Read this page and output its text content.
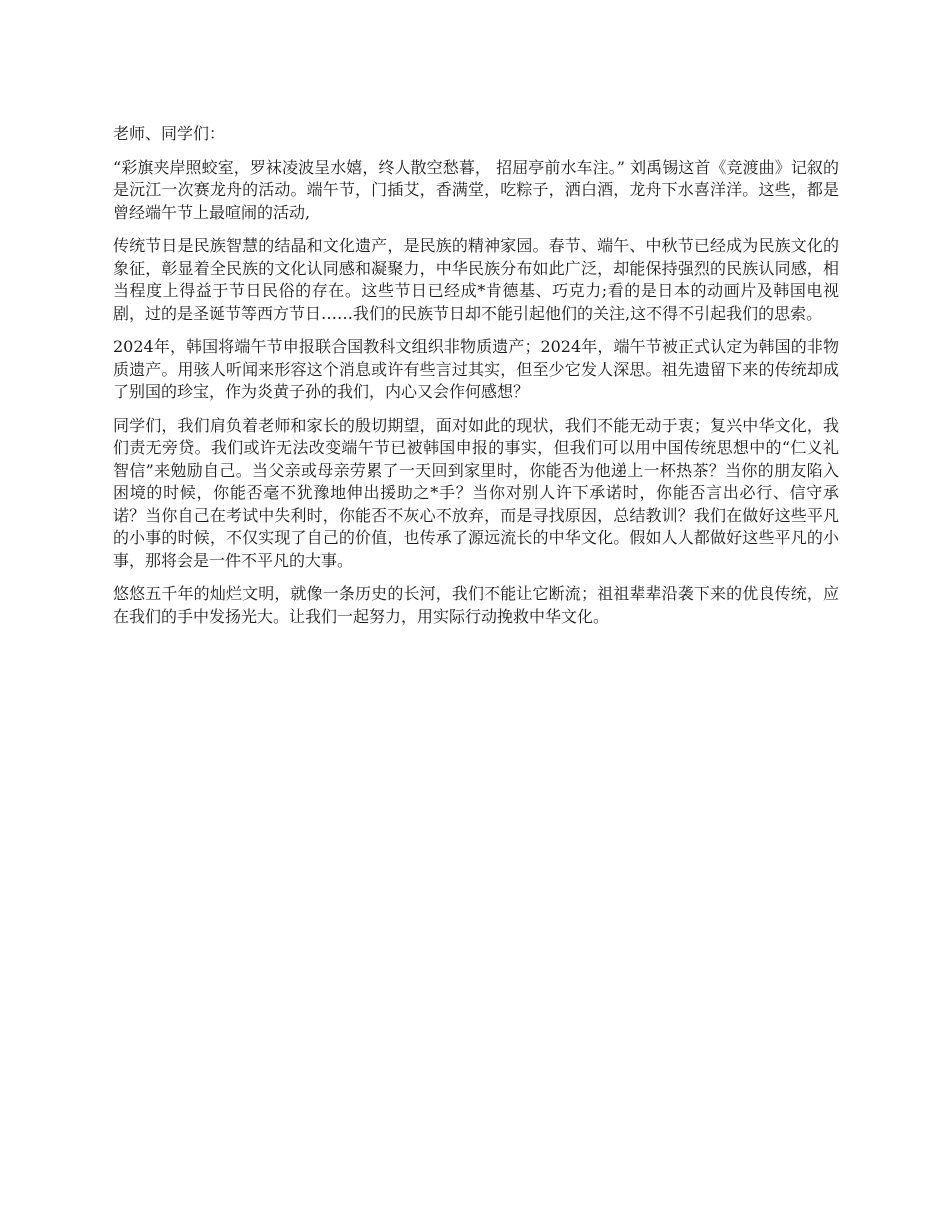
老师、同学们：

“彩旗夹岸照蛟室，罗袜凌波呈水嬉，终人散空愁暮， 招屈亭前水车注。” 刘禹锡这首《竞渡曲》记叙的是沅江一次赛龙舟的活动。端午节，门插艾，香满堂，吃粽子，洒白酒，龙舟下水喜洋洋。这些，都是曾经端午节上最喧闹的活动,

传统节日是民族智慧的结晶和文化遗产，是民族的精神家园。春节、端午、中秋节已经成为民族文化的象征，彰显着全民族的文化认同感和凝聚力，中华民族分布如此广泛，却能保持强烈的民族认同感，相当程度上得益于节日民俗的存在。这些节日已经成*肯德基、巧克力;看的是日本的动画片及韩国电视剧，过的是圣诞节等西方节日……我们的民族节日却不能引起他们的关注,这不得不引起我们的思索。

2024年，韩国将端午节申报联合国教科文组织非物质遗产；2024年，端午节被正式认定为韩国的非物质遗产。用骇人听闻来形容这个消息或许有些言过其实，但至少它发人深思。祖先遗留下来的传统却成了别国的珍宝，作为炎黄子孙的我们，内心又会作何感想？

同学们，我们肩负着老师和家长的殷切期望，面对如此的现状，我们不能无动于衷；复兴中华文化，我们责无旁贷。我们或许无法改变端午节已被韩国申报的事实，但我们可以用中国传统思想中的“仁义礼智信”来勉励自己。当父亲或母亲劳累了一天回到家里时，你能否为他递上一杯热茶？当你的朋友陷入困境的时候，你能否毫不犹豫地伸出援助之*手？当你对别人许下承诺时，你能否言出必行、信守承诺？当你自己在考试中失利时，你能否不灰心不放弃，而是寻找原因，总结教训？我们在做好这些平凡的小事的时候，不仅实现了自己的价值，也传承了源远流长的中华文化。假如人人都做好这些平凡的小事，那将会是一件不平凡的大事。

悠悠五千年的灿烂文明，就像一条历史的长河，我们不能让它断流；祖祖辈辈沿袭下来的优良传统，应在我们的手中发扬光大。让我们一起努力，用实际行动挽救中华文化。
